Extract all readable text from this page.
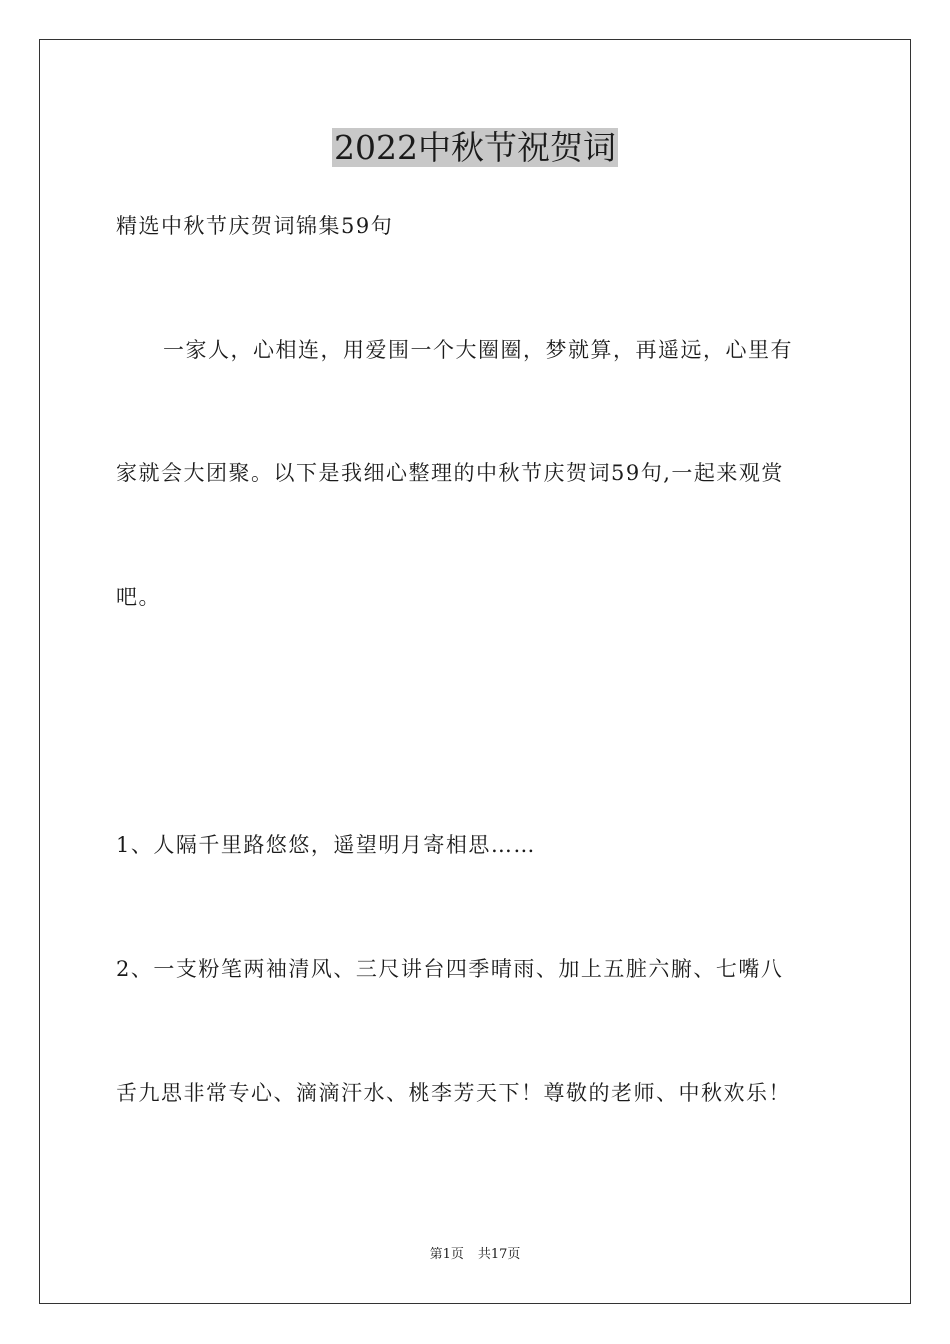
2022中秋节祝贺词
精选中秋节庆贺词锦集59句
一家人，心相连，用爱围一个大圈圈，梦就算，再遥远，心里有
家就会大团聚。以下是我细心整理的中秋节庆贺词59句,一起来观赏
吧。
1、人隔千里路悠悠，遥望明月寄相思……
2、一支粉笔两袖清风、三尺讲台四季晴雨、加上五脏六腑、七嘴八
舌九思非常专心、滴滴汗水、桃李芳天下！尊敬的老师、中秋欢乐！
第1页 共17页
